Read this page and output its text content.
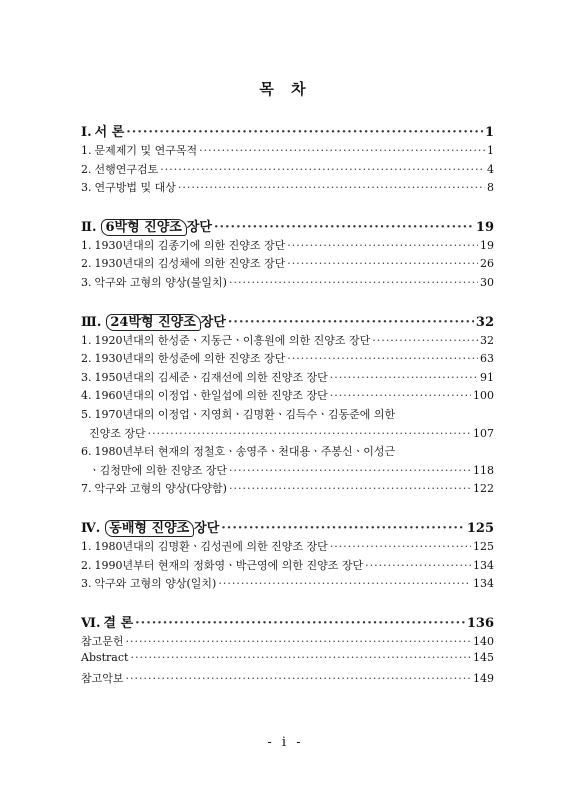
목 차
Ⅰ. 서 론 ·····	1
1. 문제제기 및 연구목적 ·····	1
2. 선행연구검토 ·····	4
3. 연구방법 및 대상 ·····	8
Ⅱ. 6박형 진양조 장단 ·····	19
1. 1930년대의 김종기에 의한 진양조 장단 ·····	19
2. 1930년대의 김성채에 의한 진양조 장단 ·····	26
3. 악구와 고형의 양상(불일치) ·····	30
Ⅲ. 24박형 진양조 장단 ·····	32
1. 1920년대의 한성준ㆍ지동근ㆍ이흥원에 의한 진양조 장단 ·····	32
2. 1930년대의 한성준에 의한 진양조 장단 ·····	63
3. 1950년대의 김세준ㆍ김재선에 의한 진양조 장단 ·····	91
4. 1960년대의 이정업ㆍ한일섭에 의한 진양조 장단 ·····	100
5. 1970년대의 이정업ㆍ지영희ㆍ김명환ㆍ김득수ㆍ김동준에 의한
진양조 장단 ·····	107
6. 1980년부터 현재의 정철호ㆍ송영주ㆍ천대용ㆍ주봉신ㆍ이성근
ㆍ김청만에 의한 진양조 장단 ·····	118
7. 악구와 고형의 양상(다양함) ·····	122
Ⅳ. 동배형 진양조 장단 ·····	125
1. 1980년대의 김명환ㆍ김성권에 의한 진양조 장단 ·····	125
2. 1990년부터 현재의 정화영ㆍ박근영에 의한 진양조 장단 ·····	134
3. 악구와 고형의 양상(일치) ·····	134
Ⅵ. 결 론 ·····	136
참고문헌 ·····	140
Abstract ·····	145
참고악보 ·····	149
- i -
